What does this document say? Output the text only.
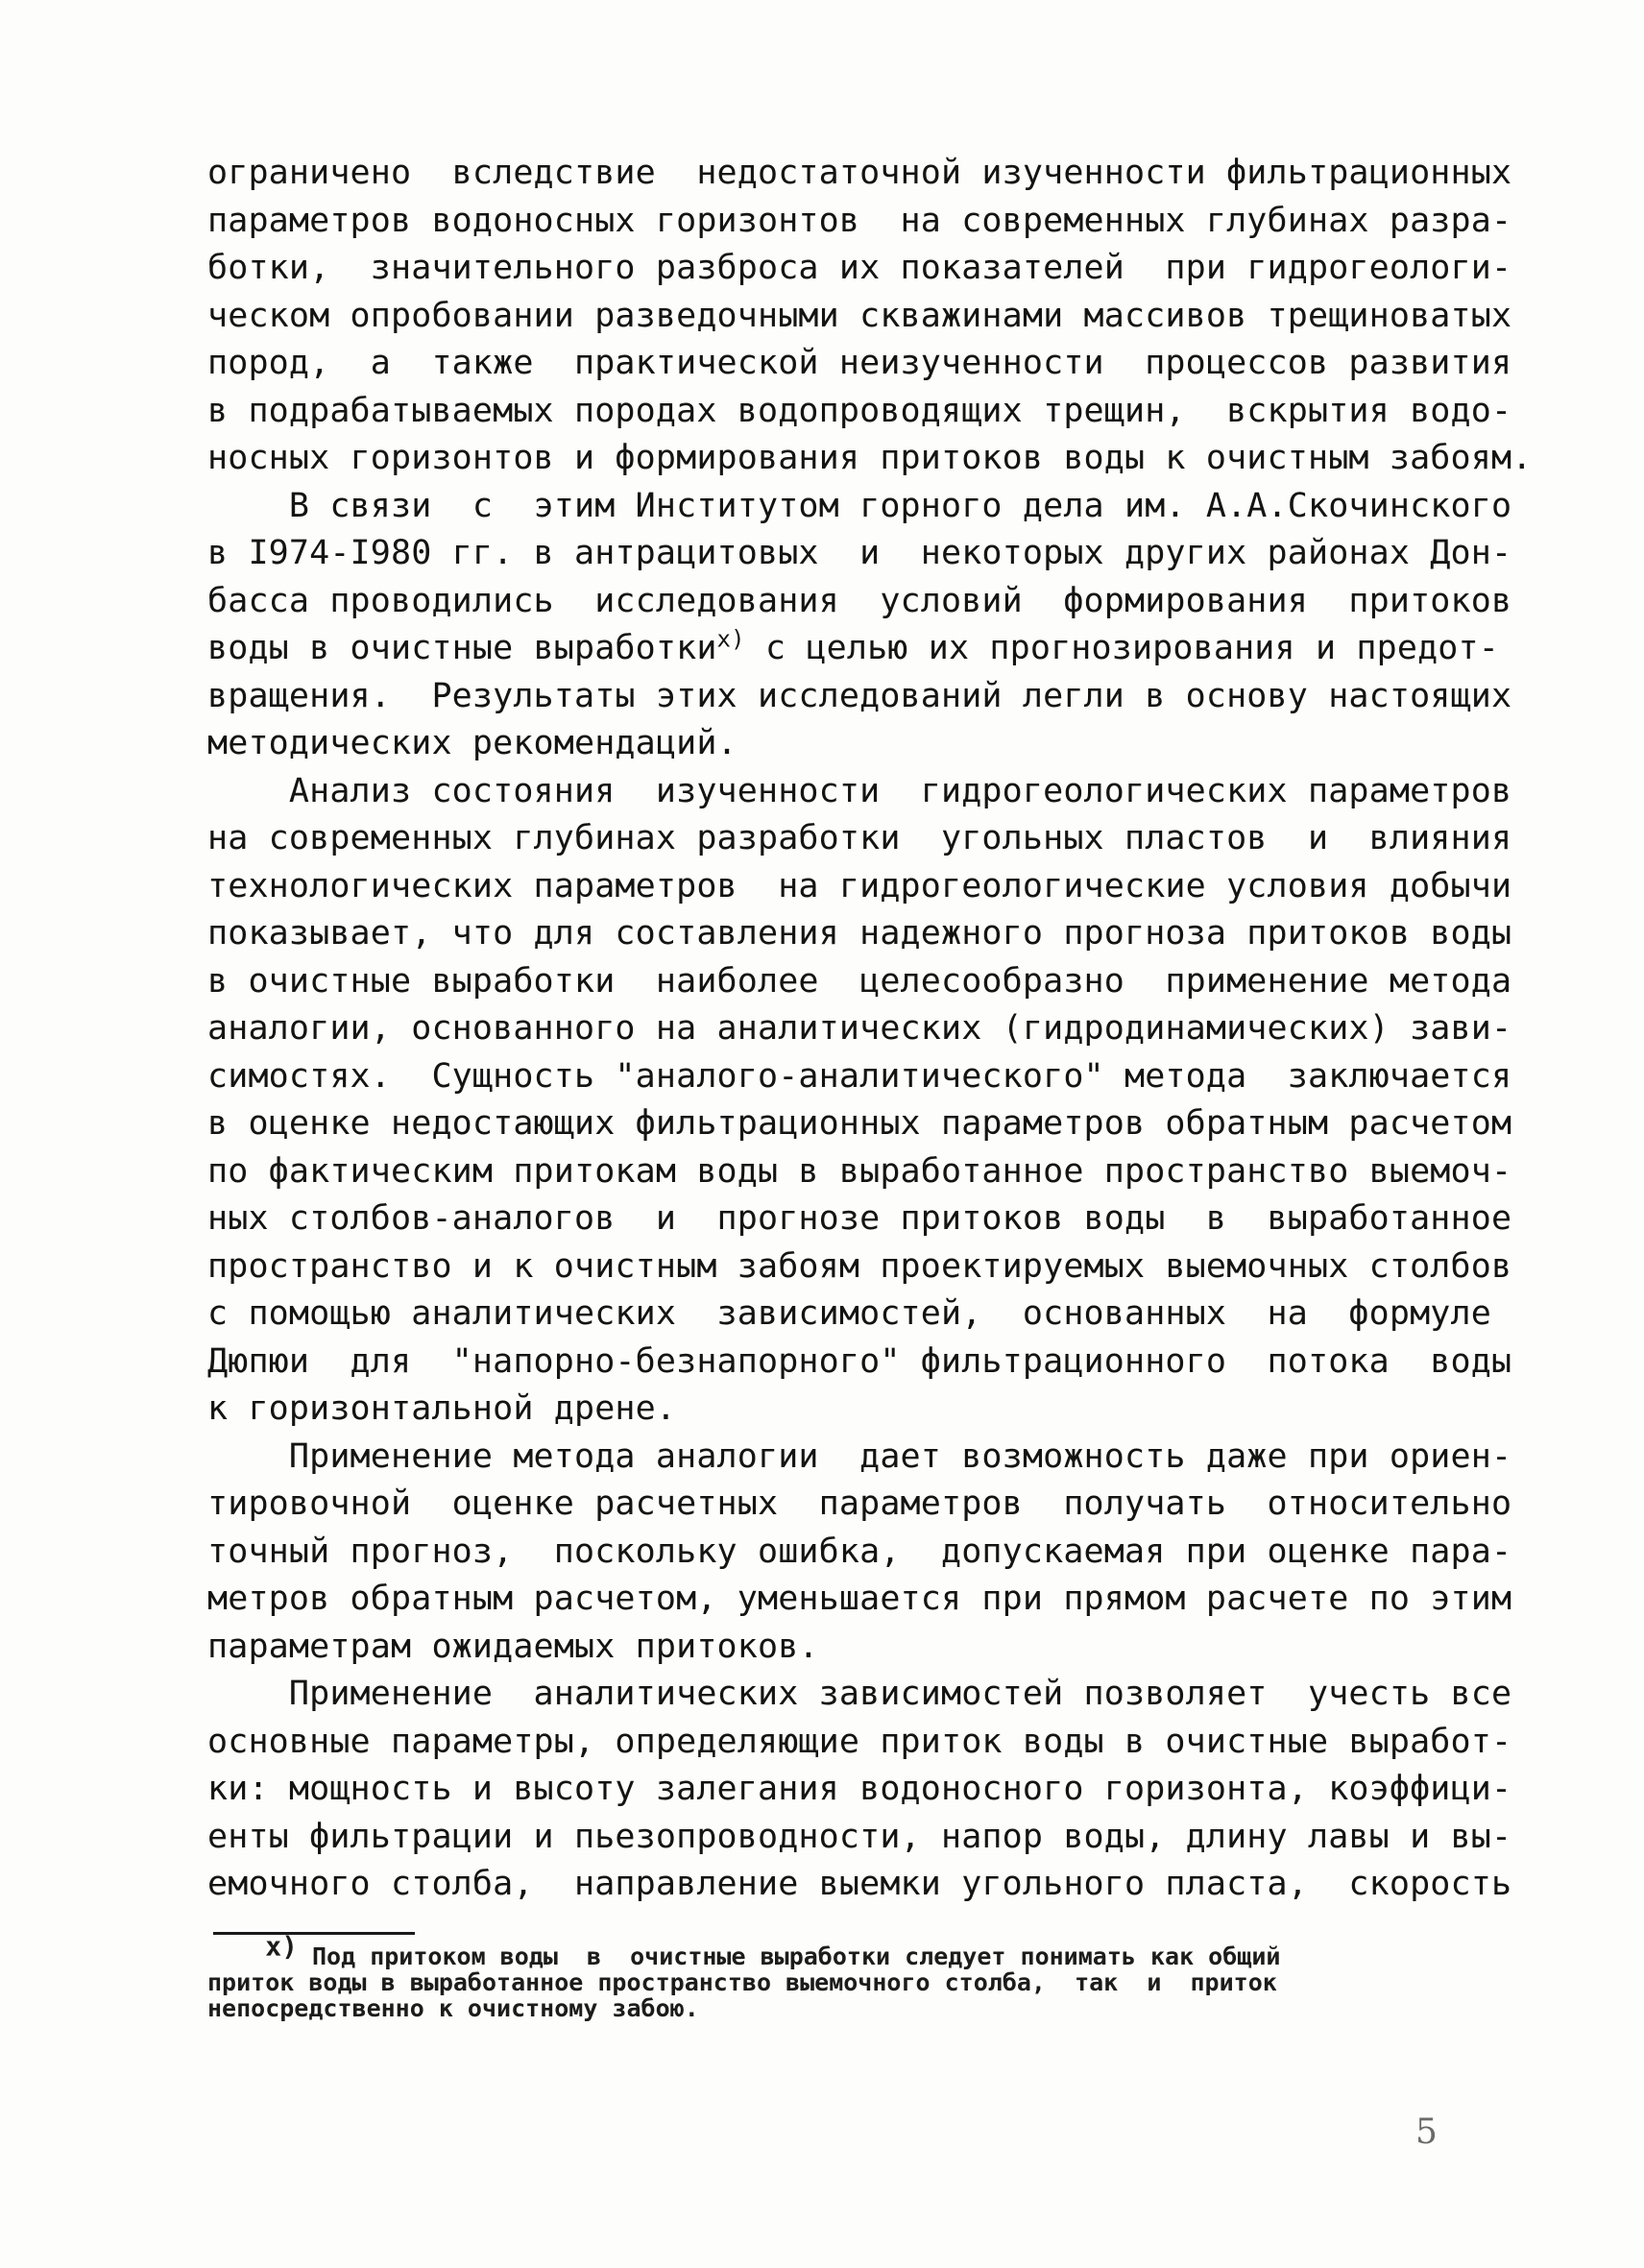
ограничено  вследствие  недостаточной изученности фильтрационных
параметров водоносных горизонтов  на современных глубинах разра-
ботки,  значительного разброса их показателей  при гидрогеологи-
ческом опробовании разведочными скважинами массивов трещиноватых
пород,  а  также  практической неизученности  процессов развития
в подрабатываемых породах водопроводящих трещин,  вскрытия водо-
носных горизонтов и формирования притоков воды к очистным забоям.
В связи  с  этим Институтом горного дела им. А.А.Скочинского
в I974-I980 гг. в антрацитовых  и  некоторых других районах Дон-
басса проводились  исследования  условий  формирования  притоков
воды в очистные выработки$^{x)}$ с целью их прогнозирования и предот-
вращения.  Результаты этих исследований легли в основу настоящих
методических рекомендаций.
Анализ состояния  изученности  гидрогеологических параметров
на современных глубинах разработки  угольных пластов  и  влияния
технологических параметров  на гидрогеологические условия добычи
показывает, что для составления надежного прогноза притоков воды
в очистные выработки  наиболее  целесообразно  применение метода
аналогии, основанного на аналитических (гидродинамических) зави-
симостях.  Сущность "аналого-аналитического" метода  заключается
в оценке недостающих фильтрационных параметров обратным расчетом
по фактическим притокам воды в выработанное пространство выемоч-
ных столбов-аналогов  и  прогнозе притоков воды  в  выработанное
пространство и к очистным забоям проектируемых выемочных столбов
с помощью аналитических  зависимостей,  основанных  на  формуле
Дюпюи  для  "напорно-безнапорного" фильтрационного  потока  воды
к горизонтальной дрене.
Применение метода аналогии  дает возможность даже при ориен-
тировочной  оценке расчетных  параметров  получать  относительно
точный прогноз,  поскольку ошибка,  допускаемая при оценке пара-
метров обратным расчетом, уменьшается при прямом расчете по этим
параметрам ожидаемых притоков.
Применение  аналитических зависимостей позволяет  учесть все
основные параметры, определяющие приток воды в очистные выработ-
ки: мощность и высоту залегания водоносного горизонта, коэффици-
енты фильтрации и пьезопроводности, напор воды, длину лавы и вы-
емочного столба,  направление выемки угольного пласта,  скорость
$^{x)}$ Под притоком воды  в  очистные выработки следует понимать как общий
приток воды в выработанное пространство выемочного столба,  так  и  приток
непосредственно к очистному забою.
5
